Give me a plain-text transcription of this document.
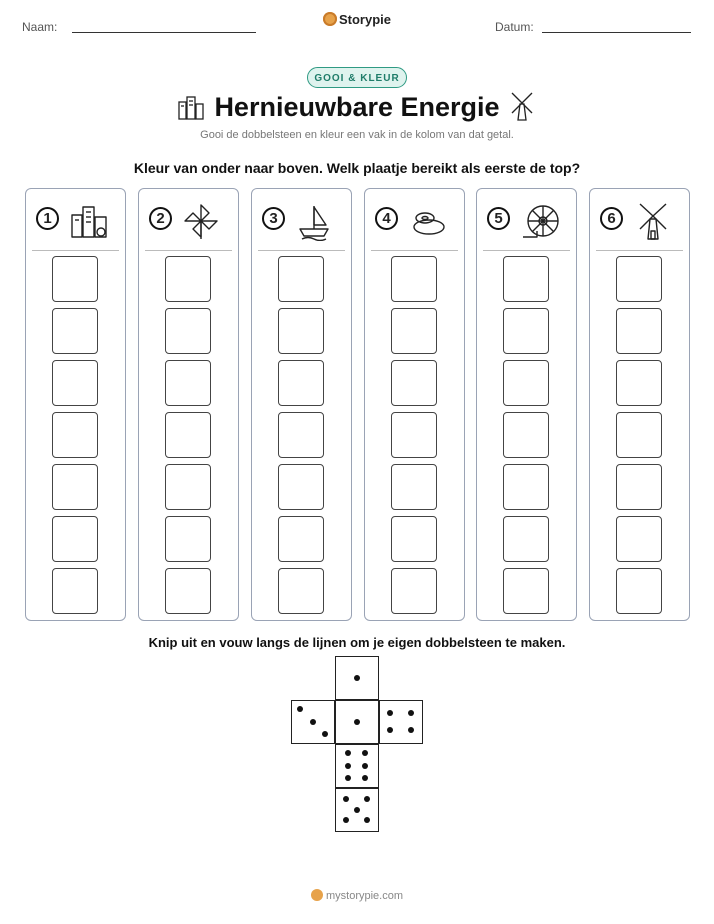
Naam:	Storypie	Datum:
GOOI & KLEUR
Hernieuwbare Energie
Gooi de dobbelsteen en kleur een vak in de kolom van dat getal.
Kleur van onder naar boven. Welk plaatje bereikt als eerste de top?
1	2	3	4	5	6
Knip uit en vouw langs de lijnen om je eigen dobbelsteen te maken.
mystorypie.com
